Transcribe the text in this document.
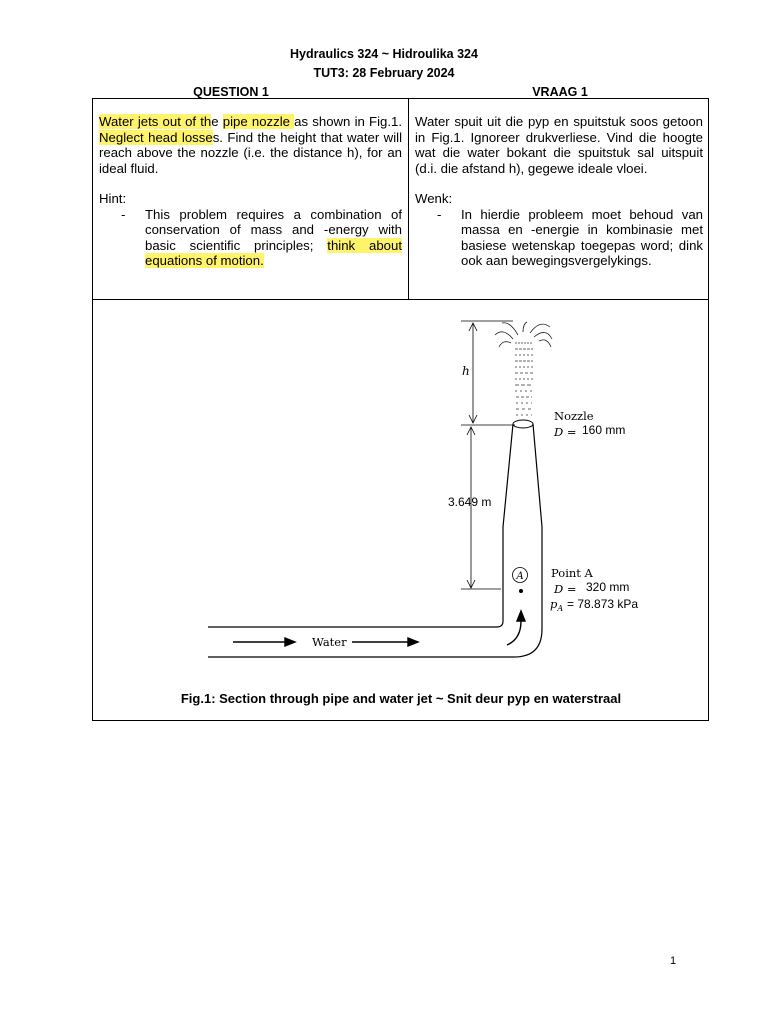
Hydraulics 324 ~ Hidroulika 324
TUT3: 28 February 2024
QUESTION 1	VRAAG 1
Water jets out of the pipe nozzle as shown in Fig.1. Neglect head losses. Find the height that water will reach above the nozzle (i.e. the distance h), for an ideal fluid.
Hint:
- This problem requires a combination of conservation of mass and -energy with basic scientific principles; think about equations of motion.
Water spuit uit die pyp en spuitstuk soos getoon in Fig.1. Ignoreer drukverliese. Vind die hoogte wat die water bokant die spuitstuk sal uitspuit (d.i. die afstand h), gegewe ideale vloei.
Wenk:
- In hierdie probleem moet behoud van massa en -energie in kombinasie met basiese wetenskap toegepas word; dink ook aan bewegingsvergelykings.
h
3.649 m
Nozzle
D = 160 mm
A Point A
D = 320 mm
$p_A = 78.873$ kPa
Water
Fig.1: Section through pipe and water jet ~ Snit deur pyp en waterstraal
1
